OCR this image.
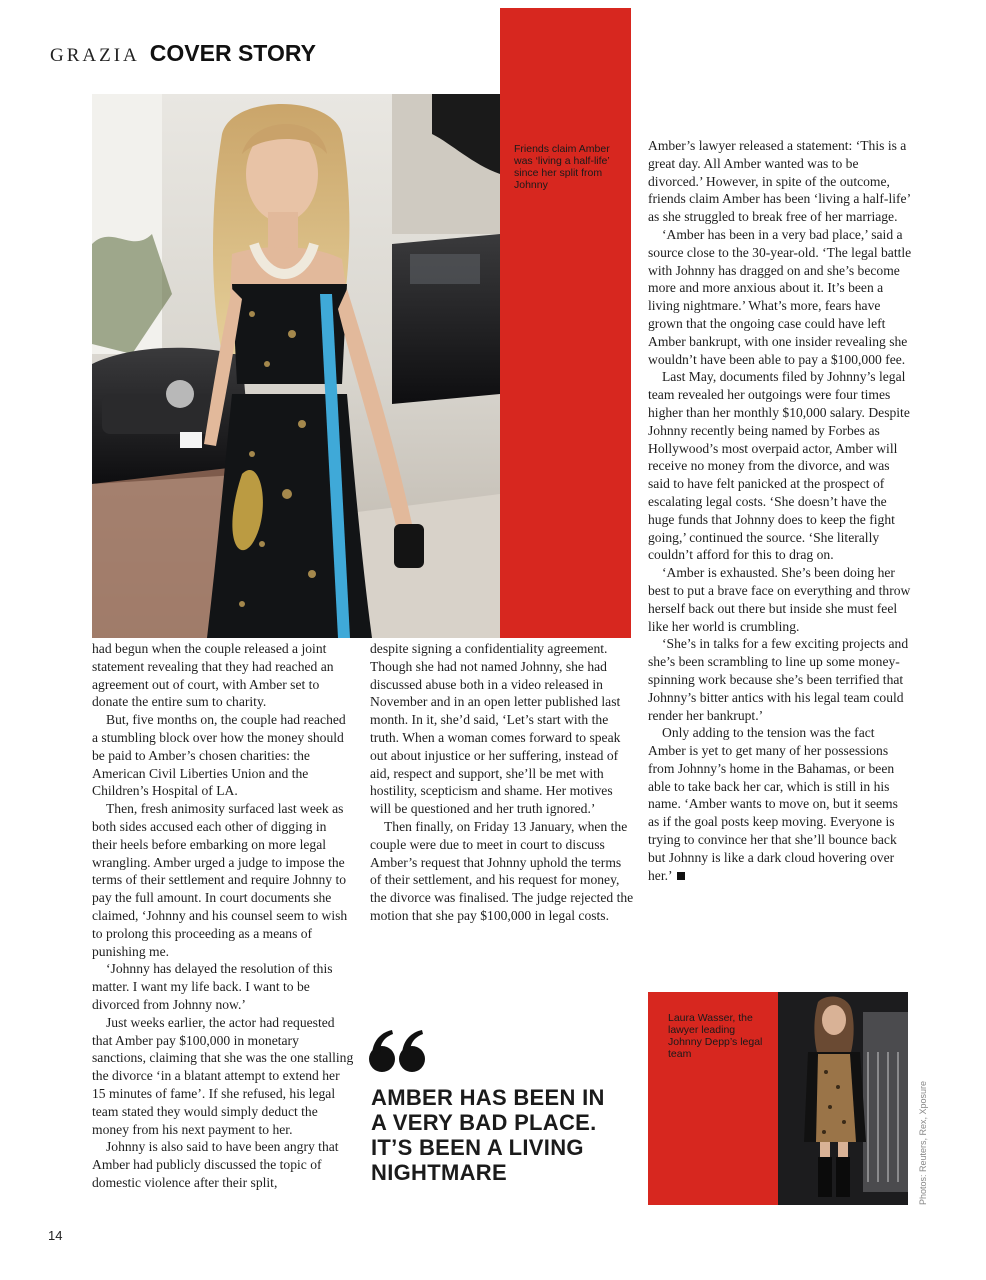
GRAZIA COVER STORY
Friends claim Amber was ‘living a half-life’ since her split from Johnny

had begun when the couple released a joint statement revealing that they had reached an agreement out of court, with Amber set to donate the entire sum to charity.

But, five months on, the couple had reached a stumbling block over how the money should be paid to Amber’s chosen charities: the American Civil Liberties Union and the Children’s Hospital of LA.

Then, fresh animosity surfaced last week as both sides accused each other of digging in their heels before embarking on more legal wrangling. Amber urged a judge to impose the terms of their settlement and require Johnny to pay the full amount. In court documents she claimed, ‘Johnny and his counsel seem to wish to prolong this proceeding as a means of punishing me.

‘Johnny has delayed the resolution of this matter. I want my life back. I want to be divorced from Johnny now.’

Just weeks earlier, the actor had requested that Amber pay $100,000 in monetary sanctions, claiming that she was the one stalling the divorce ‘in a blatant attempt to extend her 15 minutes of fame’. If she refused, his legal team stated they would simply deduct the money from his next payment to her.

Johnny is also said to have been angry that Amber had publicly discussed the topic of domestic violence after their split,

despite signing a confidentiality agreement. Though she had not named Johnny, she had discussed abuse both in a video released in November and in an open letter published last month. In it, she’d said, ‘Let’s start with the truth. When a woman comes forward to speak out about injustice or her suffering, instead of aid, respect and support, she’ll be met with hostility, scepticism and shame. Her motives will be questioned and her truth ignored.’

Then finally, on Friday 13 January, when the couple were due to meet in court to discuss Amber’s request that Johnny uphold the terms of their settlement, and his request for money, the divorce was finalised. The judge rejected the motion that she pay $100,000 in legal costs.

AMBER HAS BEEN IN A VERY BAD PLACE. IT’S BEEN A LIVING NIGHTMARE

Amber’s lawyer released a statement: ‘This is a great day. All Amber wanted was to be divorced.’ However, in spite of the outcome, friends claim Amber has been ‘living a half-life’ as she struggled to break free of her marriage.

‘Amber has been in a very bad place,’ said a source close to the 30-year-old. ‘The legal battle with Johnny has dragged on and she’s become more and more anxious about it. It’s been a living nightmare.’ What’s more, fears have grown that the ongoing case could have left Amber bankrupt, with one insider revealing she wouldn’t have been able to pay a $100,000 fee.

Last May, documents filed by Johnny’s legal team revealed her outgoings were four times higher than her monthly $10,000 salary. Despite Johnny recently being named by Forbes as Hollywood’s most overpaid actor, Amber will receive no money from the divorce, and was said to have felt panicked at the prospect of escalating legal costs. ‘She doesn’t have the huge funds that Johnny does to keep the fight going,’ continued the source. ‘She literally couldn’t afford for this to drag on.

‘Amber is exhausted. She’s been doing her best to put a brave face on everything and throw herself back out there but inside she must feel like her world is crumbling.

‘She’s in talks for a few exciting projects and she’s been scrambling to line up some money-spinning work because she’s been terrified that Johnny’s bitter antics with his legal team could render her bankrupt.’

Only adding to the tension was the fact Amber is yet to get many of her possessions from Johnny’s home in the Bahamas, or been able to take back her car, which is still in his name. ‘Amber wants to move on, but it seems as if the goal posts keep moving. Everyone is trying to convince her that she’ll bounce back but Johnny is like a dark cloud hovering over her.’

Laura Wasser, the lawyer leading Johnny Depp’s legal team
Photos: Reuters, Rex, Xposure
14
